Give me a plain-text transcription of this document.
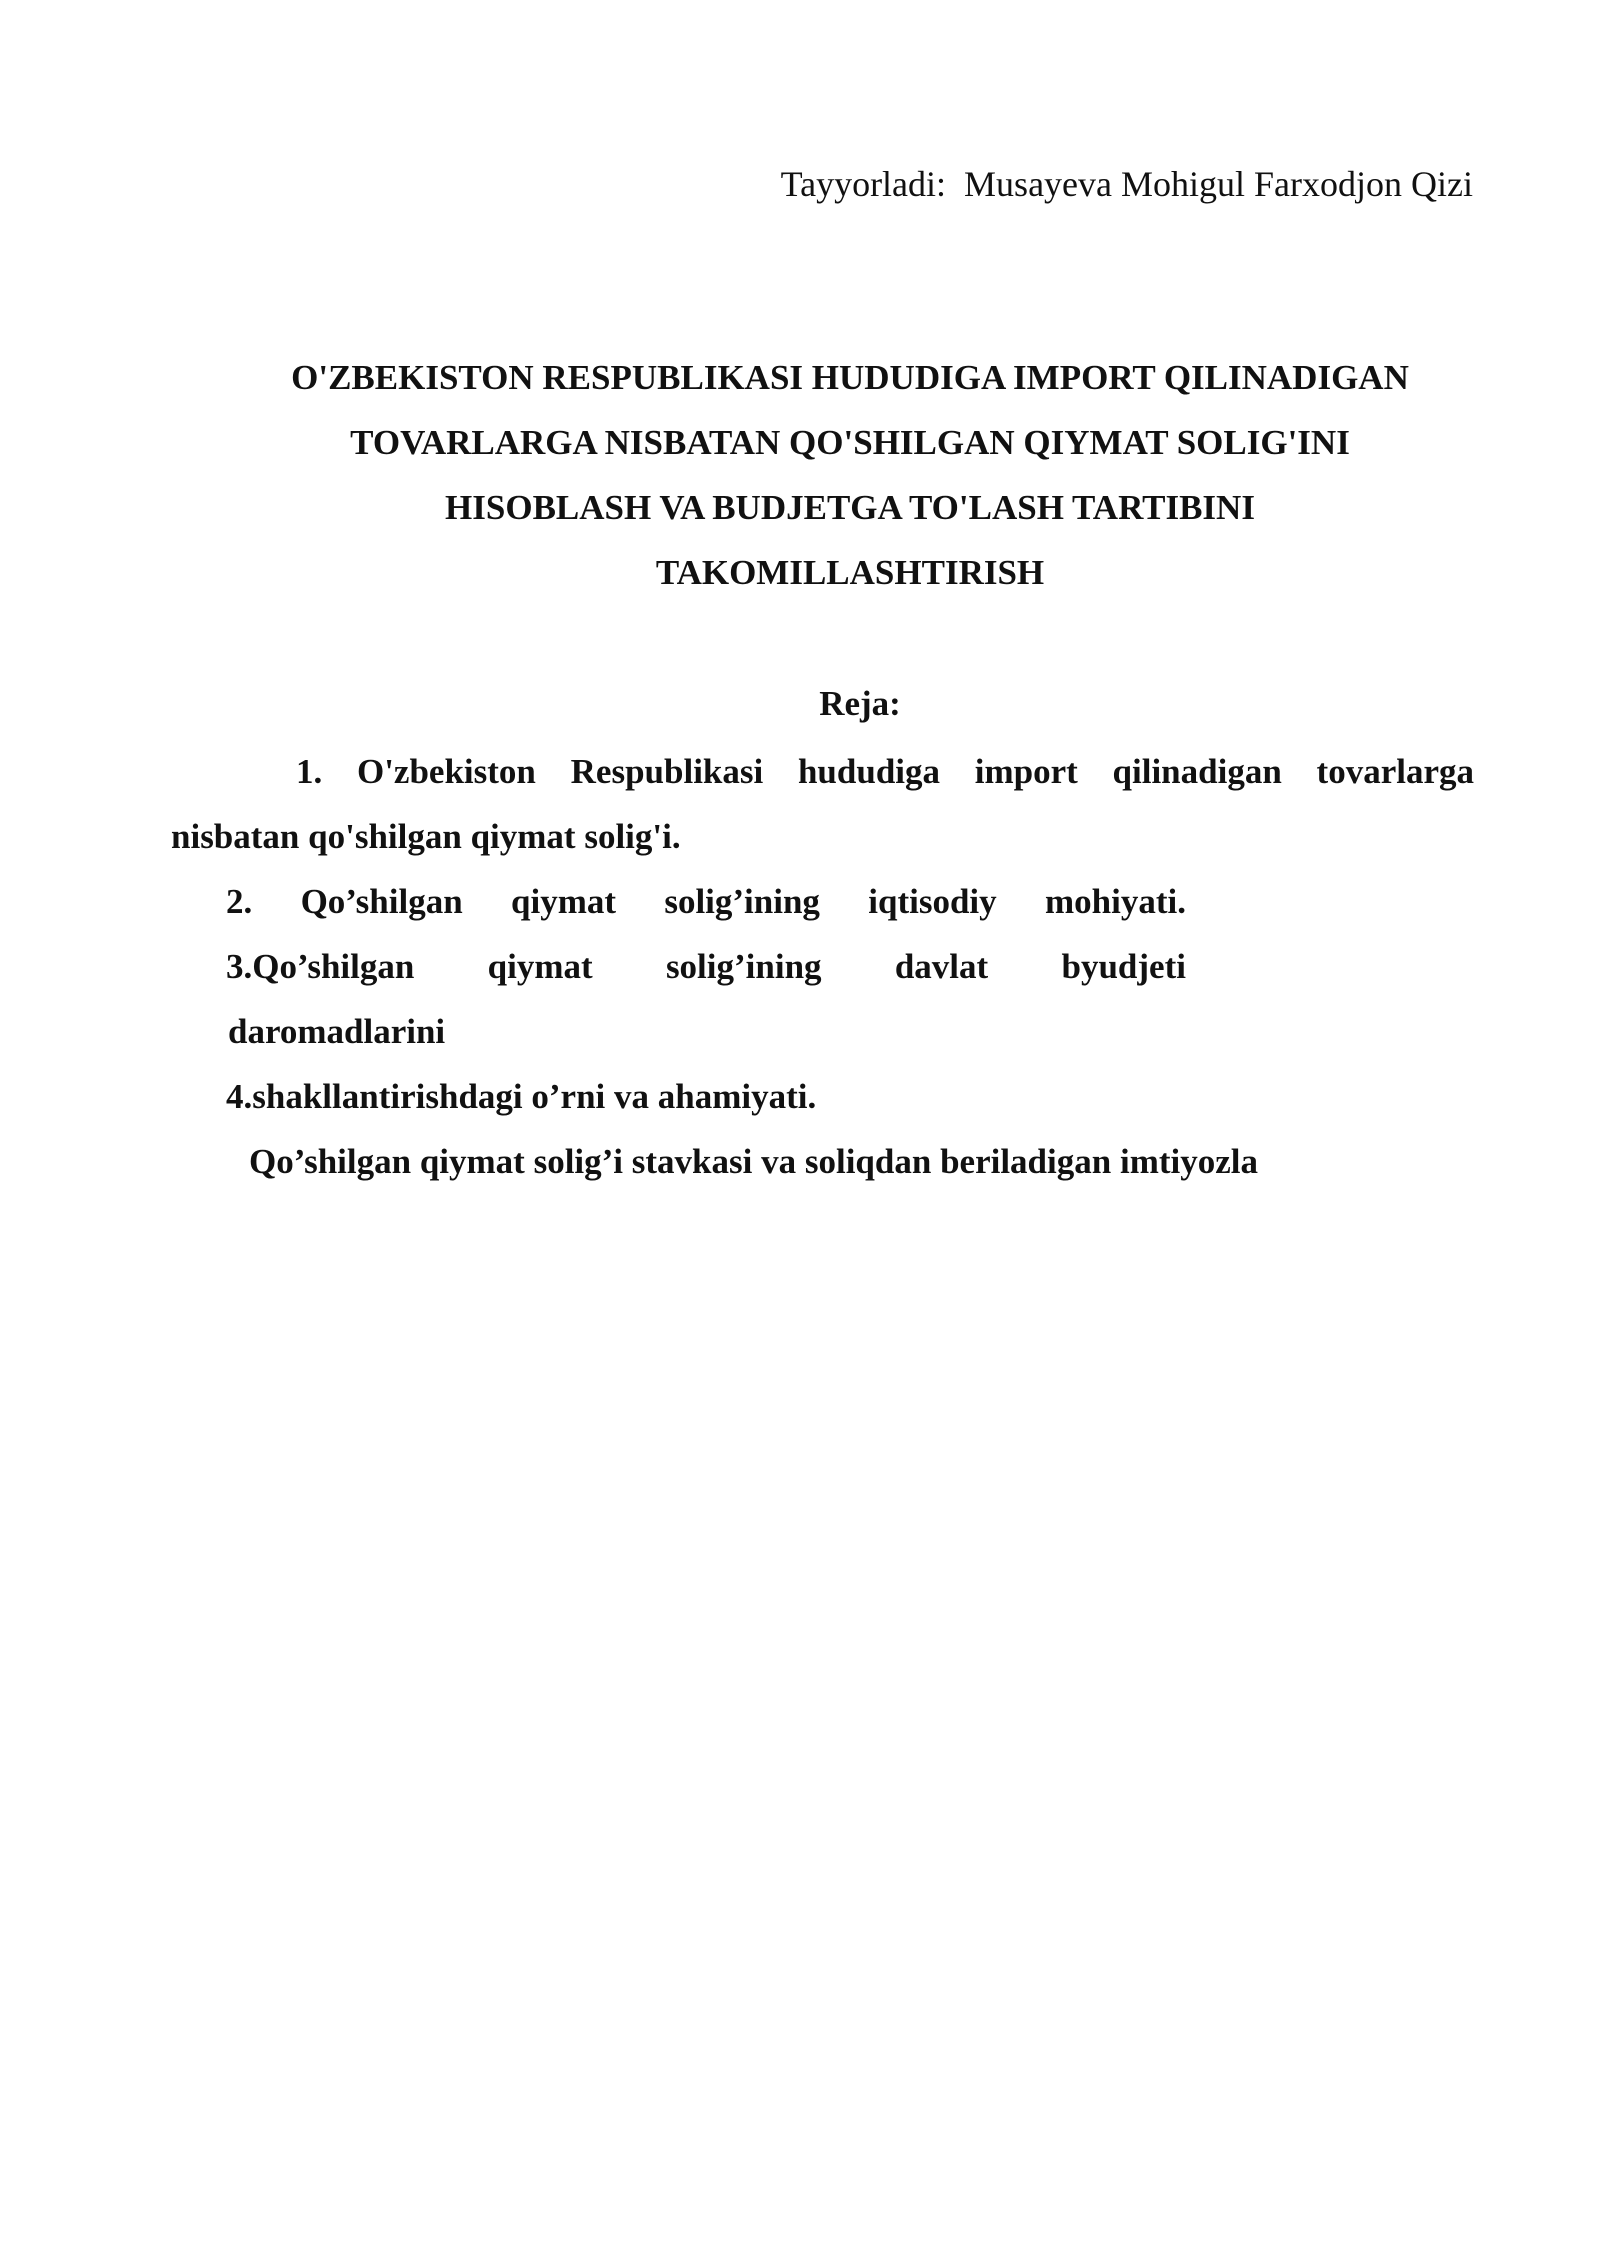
Tayyorladi: Musayeva Mohigul Farxodjon Qizi
O'ZBEKISTON RESPUBLIKASI HUDUDIGA IMPORT QILINADIGAN
TOVARLARGA NISBATAN QO'SHILGAN QIYMAT SOLIG'INI
HISOBLASH VA BUDJETGA TO'LASH TARTIBINI
TAKOMILLASHTIRISH
Reja:
1. O'zbekiston Respublikasi hududiga import qilinadigan tovarlarga
nisbatan qo'shilgan qiymat solig'i.
2. Qo’shilgan qiymat solig’ining iqtisodiy mohiyati.
3.Qo’shilgan qiymat solig’ining davlat byudjeti
daromadlarini
4.shakllantirishdagi o’rni va ahamiyati.
Qo’shilgan qiymat solig’i stavkasi va soliqdan beriladigan imtiyozla
